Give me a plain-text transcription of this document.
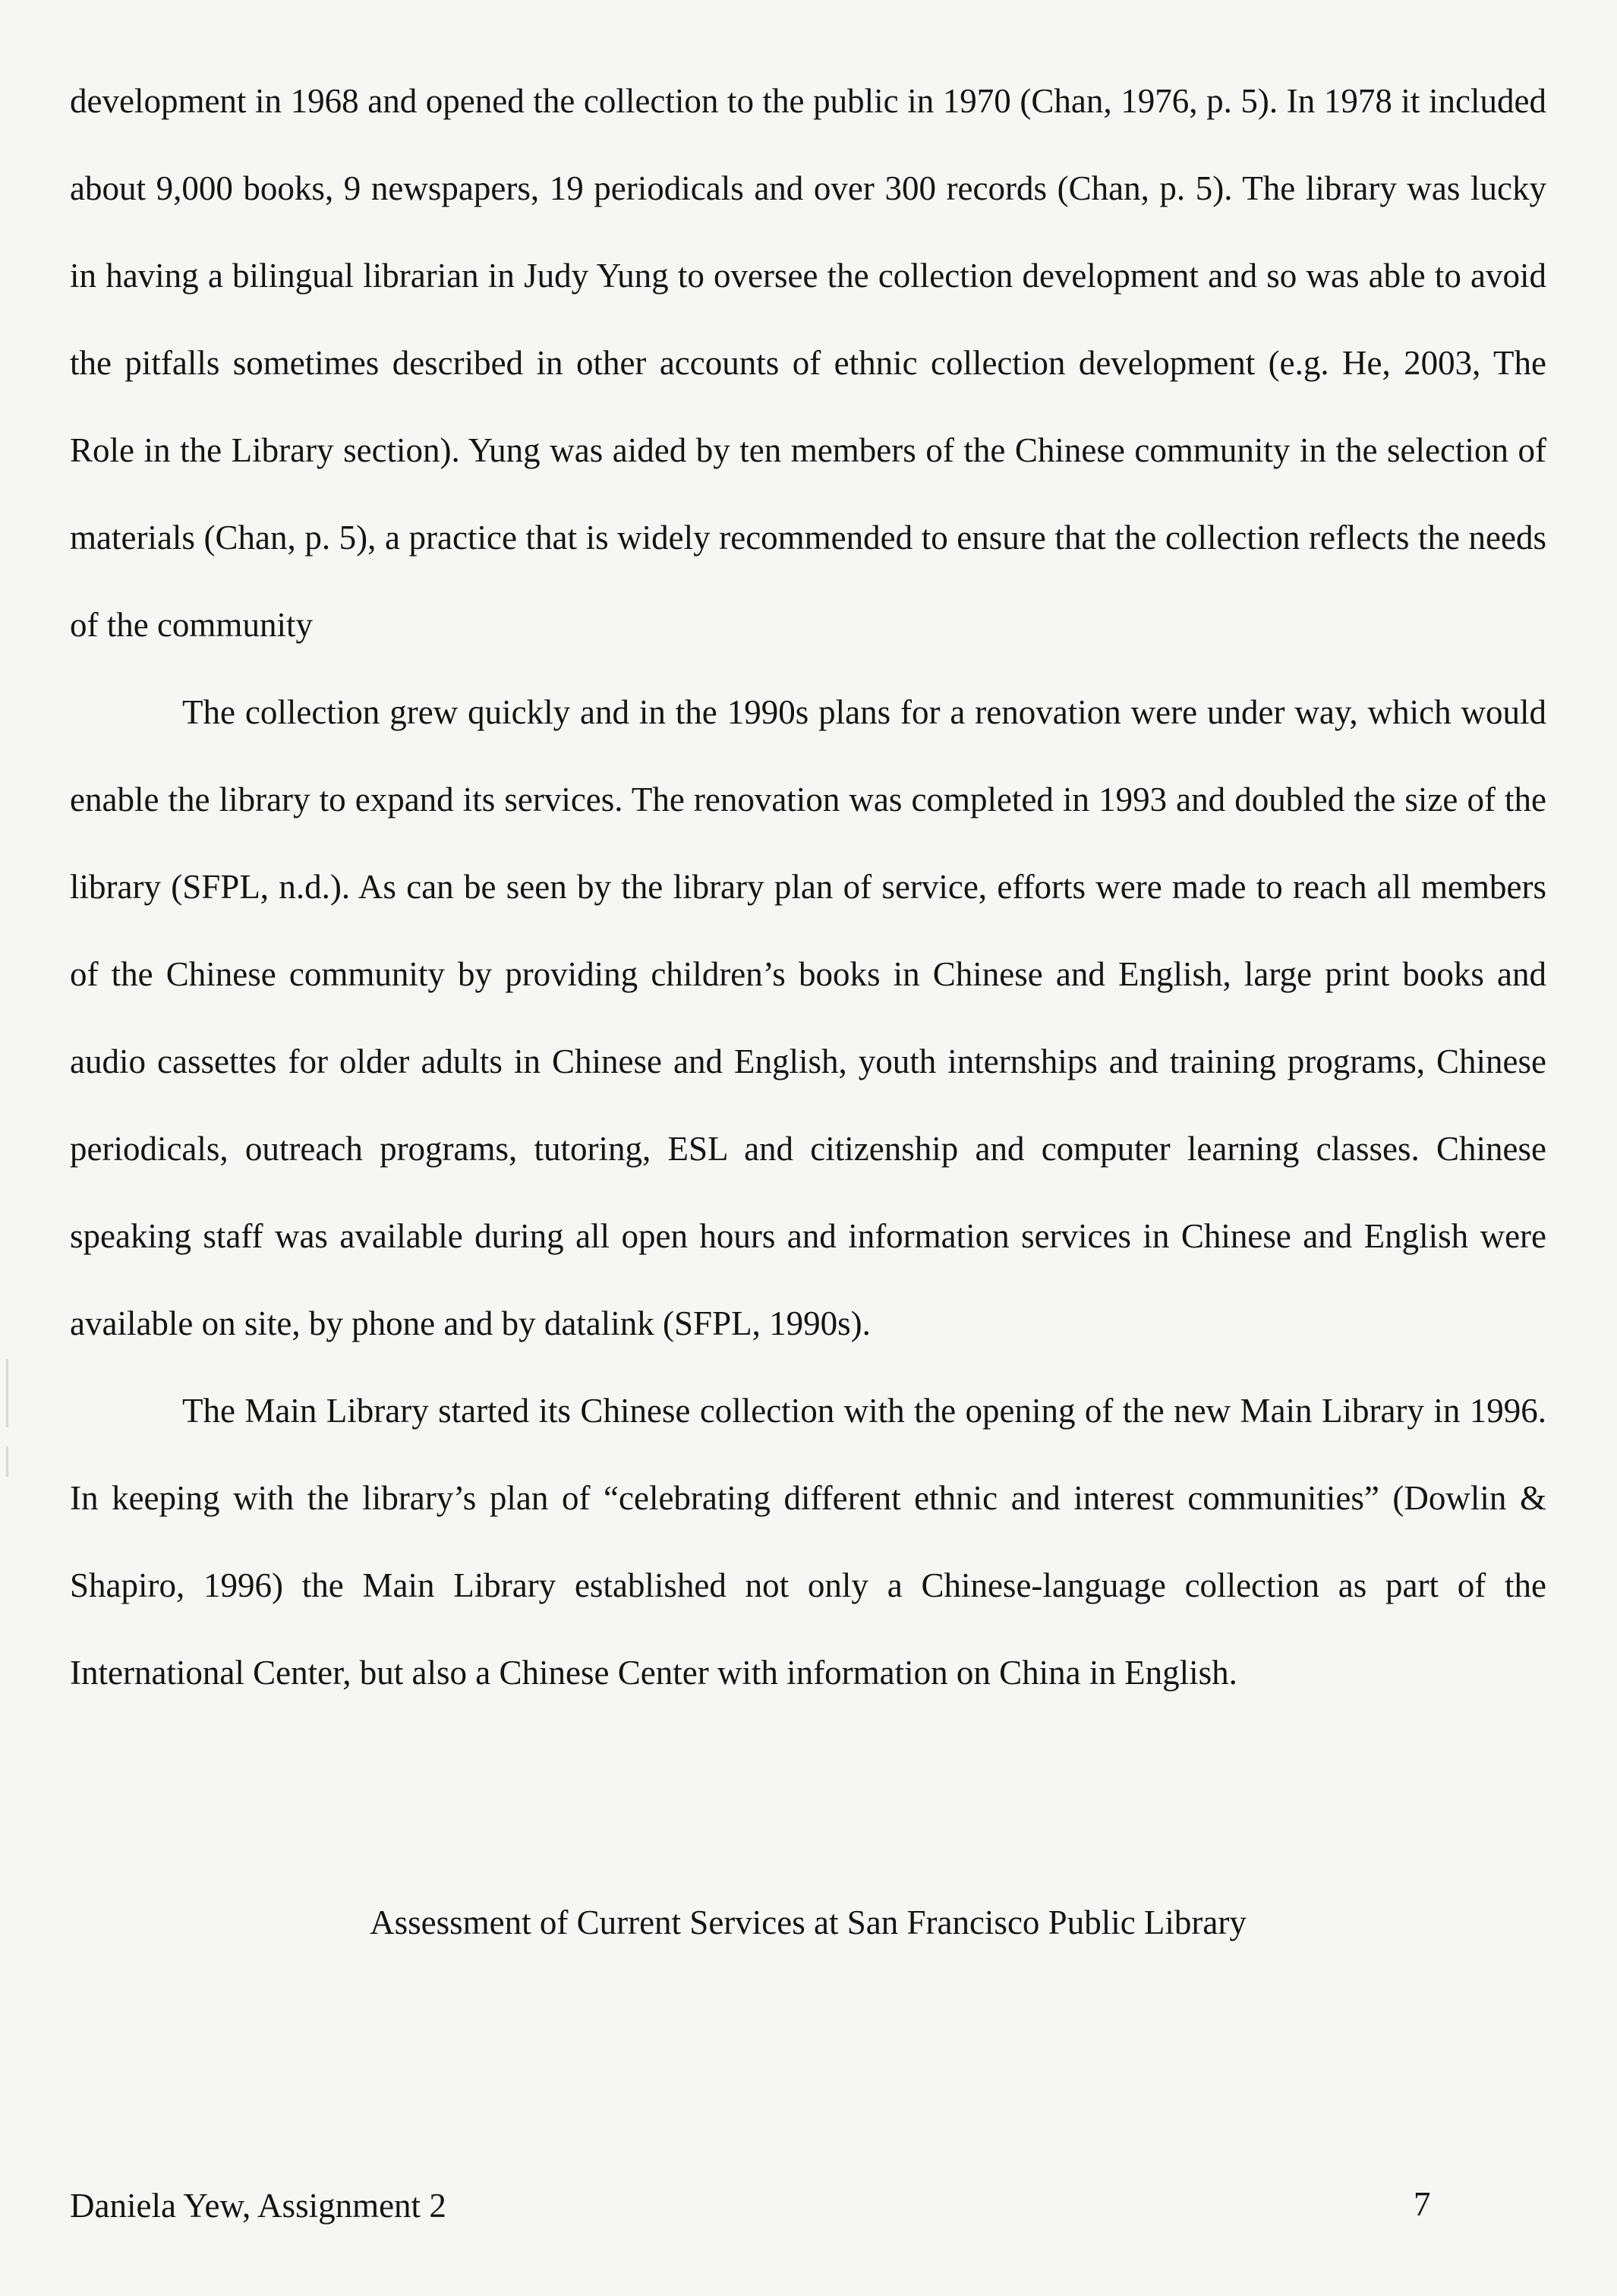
development in 1968 and opened the collection to the public in 1970 (Chan, 1976, p. 5). In 1978 it included about 9,000 books, 9 newspapers, 19 periodicals and over 300 records (Chan, p. 5). The library was lucky in having a bilingual librarian in Judy Yung to oversee the collection development and so was able to avoid the pitfalls sometimes described in other accounts of ethnic collection development (e.g. He, 2003, The Role in the Library section). Yung was aided by ten members of the Chinese community in the selection of materials (Chan, p. 5), a practice that is widely recommended to ensure that the collection reflects the needs of the community

The collection grew quickly and in the 1990s plans for a renovation were under way, which would enable the library to expand its services. The renovation was completed in 1993 and doubled the size of the library (SFPL, n.d.). As can be seen by the library plan of service, efforts were made to reach all members of the Chinese community by providing children’s books in Chinese and English, large print books and audio cassettes for older adults in Chinese and English, youth internships and training programs, Chinese periodicals, outreach programs, tutoring, ESL and citizenship and computer learning classes. Chinese speaking staff was available during all open hours and information services in Chinese and English were available on site, by phone and by datalink (SFPL, 1990s).

The Main Library started its Chinese collection with the opening of the new Main Library in 1996. In keeping with the library’s plan of “celebrating different ethnic and interest communities” (Dowlin & Shapiro, 1996) the Main Library established not only a Chinese-language collection as part of the International Center, but also a Chinese Center with information on China in English.

Assessment of Current Services at San Francisco Public Library
Daniela Yew, Assignment 2	7
